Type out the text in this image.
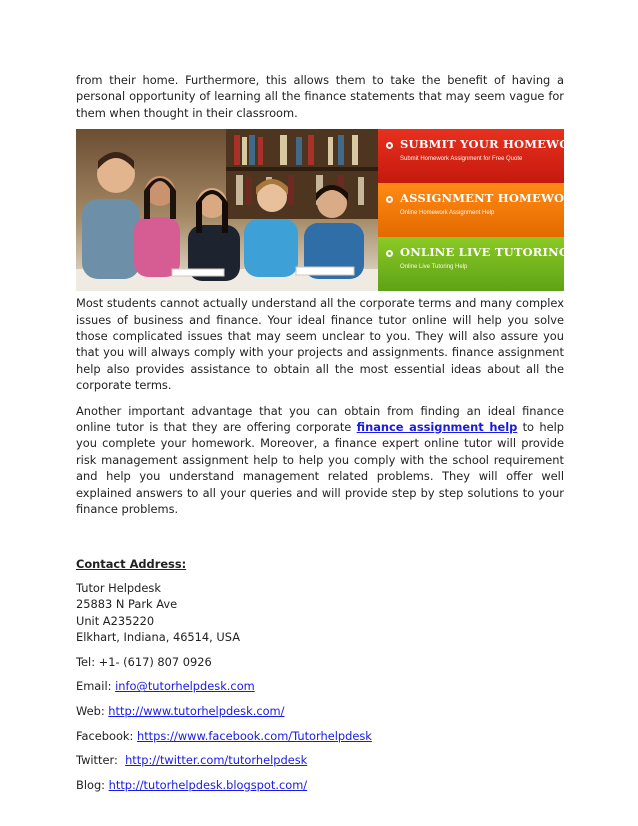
from their home. Furthermore, this allows them to take the benefit of having a personal opportunity of learning all the finance statements that may seem vague for them when thought in their classroom.

SUBMIT YOUR HOMEWORK
Submit Homework Assignment for Free Quote
ASSIGNMENT HOMEWORK HELP
Online Homework Assignment Help
ONLINE LIVE TUTORING
Online Live Tutoring Help

Most students cannot actually understand all the corporate terms and many complex issues of business and finance. Your ideal finance tutor online will help you solve those complicated issues that may seem unclear to you. They will also assure you that you will always comply with your projects and assignments. finance assignment help also provides assistance to obtain all the most essential ideas about all the corporate terms.

Another important advantage that you can obtain from finding an ideal finance online tutor is that they are offering corporate finance assignment help to help you complete your homework. Moreover, a finance expert online tutor will provide risk management assignment help to help you comply with the school requirement and help you understand management related problems. They will offer well explained answers to all your queries and will provide step by step solutions to your finance problems.

Contact Address:
Tutor Helpdesk
25883 N Park Ave
Unit A235220
Elkhart, Indiana, 46514, USA
Tel: +1- (617) 807 0926
Email: info@tutorhelpdesk.com
Web: http://www.tutorhelpdesk.com/
Facebook: https://www.facebook.com/Tutorhelpdesk
Twitter:  http://twitter.com/tutorhelpdesk
Blog: http://tutorhelpdesk.blogspot.com/
